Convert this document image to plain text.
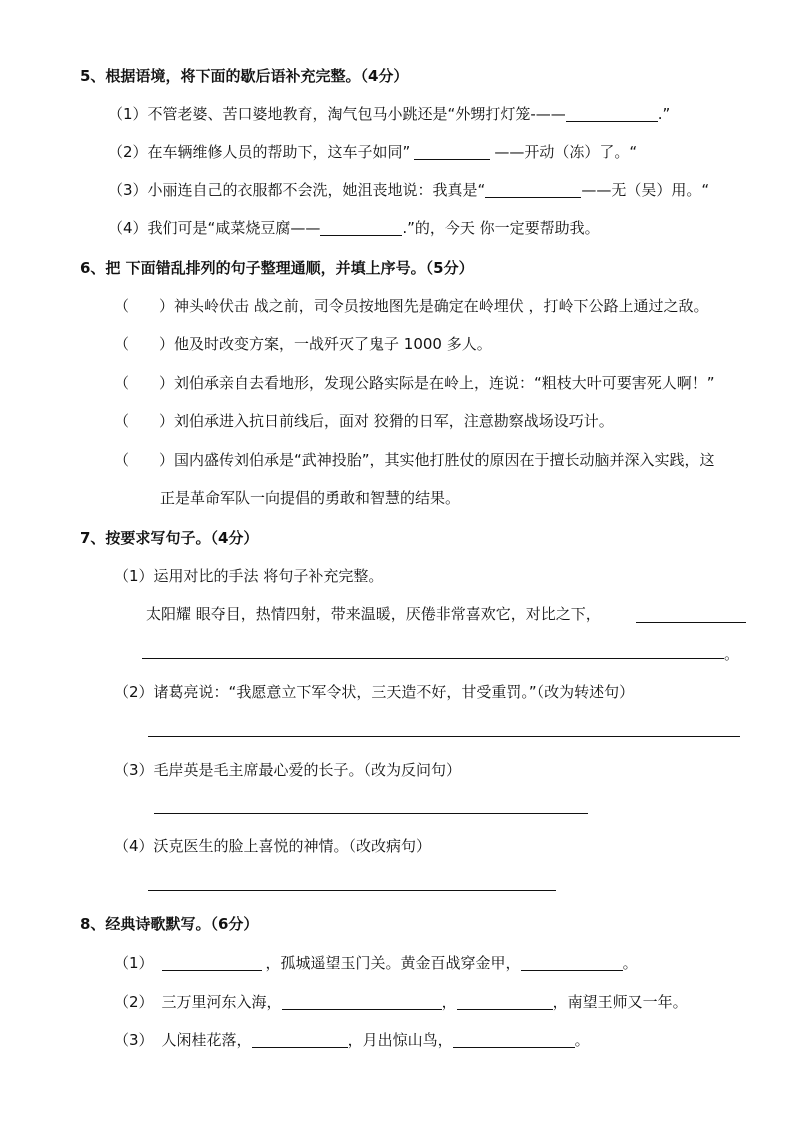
5、根据语境，将下面的歇后语补充完整。（4分）
（1）不管老婆、苦口婆地教育，淘气包马小跳还是“外甥打灯笼-——	.”
（2）在车辆维修人员的帮助下，这车子如同”	——开动（冻）了。“
（3）小丽连自己的衣服都不会洗，她沮丧地说：我真是“	——无（吴）用。“
（4）我们可是“咸菜烧豆腐——	.”的，今天 你一定要帮助我。
6、把 下面错乱排列的句子整理通顺，并填上序号。（5分）
（　　）神头岭伏击 战之前，司令员按地图先是确定在岭埋伏 ，打岭下公路上通过之敌。
（　　）他及时改变方案，一战歼灭了鬼子 1000 多人。
（　　）刘伯承亲自去看地形，发现公路实际是在岭上，连说：“粗枝大叶可要害死人啊！”
（　　）刘伯承进入抗日前线后，面对 狡猾的日军，注意勘察战场设巧计。
（　　）国内盛传刘伯承是“武神投胎”，其实他打胜仗的原因在于擅长动脑并深入实践，这
正是革命军队一向提倡的勇敢和智慧的结果。
7、按要求写句子。（4分）
（1）运用对比的手法 将句子补充完整。
太阳耀 眼夺目，热情四射，带来温暖，厌倦非常喜欢它，对比之下，
。
（2）诸葛亮说：“我愿意立下军令状，三天造不好，甘受重罚。”（改为转述句）
（3）毛岸英是毛主席最心爱的长子。（改为反问句）
（4）沃克医生的脸上喜悦的神情。（改改病句）
8、经典诗歌默写。（6分）
（1）	，孤城遥望玉门关。黄金百战穿金甲，	。
（2） 三万里河东入海，	，	，南望王师又一年。
（3） 人闲桂花落，	，月出惊山鸟，	。
